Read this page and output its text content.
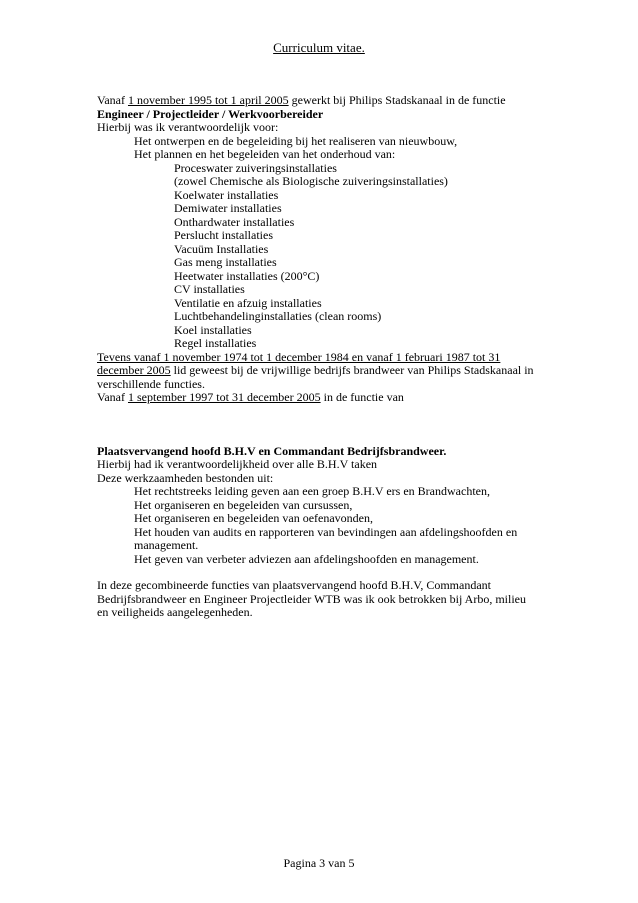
Curriculum vitae.
Vanaf 1 november 1995 tot 1 april 2005 gewerkt bij Philips Stadskanaal in de functie
Engineer / Projectleider / Werkvoorbereider
Hierbij was ik verantwoordelijk voor:
Het ontwerpen en de begeleiding bij het realiseren van nieuwbouw,
Het plannen en het begeleiden van het onderhoud van:
Proceswater zuiveringsinstallaties
(zowel Chemische als Biologische zuiveringsinstallaties)
Koelwater installaties
Demiwater installaties
Onthardwater installaties
Perslucht installaties
Vacuüm Installaties
Gas meng installaties
Heetwater installaties (200°C)
CV installaties
Ventilatie en afzuig installaties
Luchtbehandelinginstallaties (clean rooms)
Koel installaties
Regel installaties
Tevens vanaf 1 november 1974 tot 1 december 1984 en vanaf 1 februari 1987 tot 31
december 2005 lid geweest bij de vrijwillige bedrijfs brandweer van Philips Stadskanaal in
verschillende functies.
Vanaf 1 september 1997 tot 31 december 2005 in de functie van
Plaatsvervangend hoofd B.H.V en Commandant Bedrijfsbrandweer.
Hierbij had ik verantwoordelijkheid over alle B.H.V taken
Deze werkzaamheden bestonden uit:
Het rechtstreeks leiding geven aan een groep B.H.V ers en Brandwachten,
Het organiseren en begeleiden van cursussen,
Het organiseren en begeleiden van oefenavonden,
Het houden van audits en rapporteren van bevindingen aan afdelingshoofden en
management.
Het geven van verbeter adviezen aan afdelingshoofden en management.
In deze gecombineerde functies van plaatsvervangend hoofd B.H.V, Commandant
Bedrijfsbrandweer en Engineer Projectleider WTB was ik ook betrokken bij Arbo, milieu
en veiligheids aangelegenheden.
Pagina 3 van 5
